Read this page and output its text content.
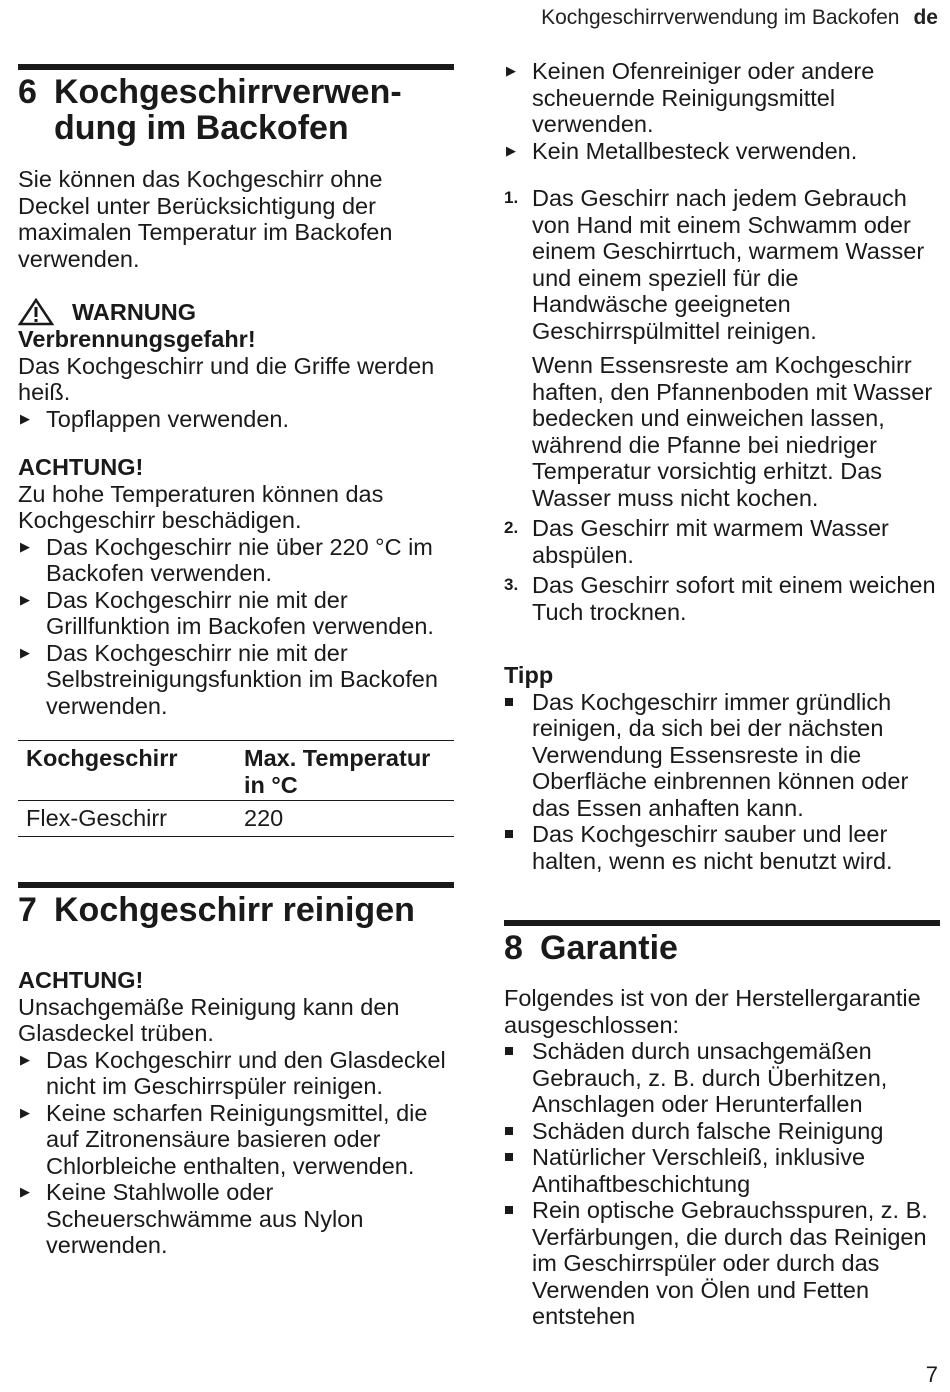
Kochgeschirrverwendung im Backofen de
6 Kochgeschirrverwen-
dung im Backofen

Sie können das Kochgeschirr ohne Deckel unter Berücksichtigung der maximalen Temperatur im Backofen verwenden.

WARNUNG
Verbrennungsgefahr!

Das Kochgeschirr und die Griffe werden heiß.

▶ Topflappen verwenden.
ACHTUNG!

Zu hohe Temperaturen können das Kochgeschirr beschädigen.

▶ Das Kochgeschirr nie über 220 °C im Backofen verwenden.
▶ Das Kochgeschirr nie mit der Grillfunktion im Backofen verwenden.
▶ Das Kochgeschirr nie mit der Selbstreinigungsfunktion im Backofen verwenden.
Kochgeschirr	Max. Temperatur in °C
Flex-Geschirr	220
7 Kochgeschirr reinigen
ACHTUNG!

Unsachgemäße Reinigung kann den Glasdeckel trüben.

▶ Das Kochgeschirr und den Glasdeckel nicht im Geschirrspüler reinigen.
▶ Keine scharfen Reinigungsmittel, die auf Zitronensäure basieren oder Chlorbleiche enthalten, verwenden.
▶ Keine Stahlwolle oder Scheuerschwämme aus Nylon verwenden.
▶ Keinen Ofenreiniger oder andere scheuernde Reinigungsmittel verwenden.
▶ Kein Metallbesteck verwenden.
1. Das Geschirr nach jedem Gebrauch von Hand mit einem Schwamm oder einem Geschirrtuch, warmem Wasser und einem speziell für die Handwäsche geeigneten Geschirrspülmittel reinigen.

Wenn Essensreste am Kochgeschirr haften, den Pfannenboden mit Wasser bedecken und einweichen lassen, während die Pfanne bei niedriger Temperatur vorsichtig erhitzt. Das Wasser muss nicht kochen.

2. Das Geschirr mit warmem Wasser abspülen.
3. Das Geschirr sofort mit einem weichen Tuch trocknen.
Tipp
Das Kochgeschirr immer gründlich reinigen, da sich bei der nächsten Verwendung Essensreste in die Oberfläche einbrennen können oder das Essen anhaften kann.
Das Kochgeschirr sauber und leer halten, wenn es nicht benutzt wird.
8 Garantie

Folgendes ist von der Herstellergarantie ausgeschlossen:

Schäden durch unsachgemäßen Gebrauch, z. B. durch Überhitzen, Anschlagen oder Herunterfallen
Schäden durch falsche Reinigung
Natürlicher Verschleiß, inklusive Antihaftbeschichtung
Rein optische Gebrauchsspuren, z. B. Verfärbungen, die durch das Reinigen im Geschirrspüler oder durch das Verwenden von Ölen und Fetten entstehen
7
